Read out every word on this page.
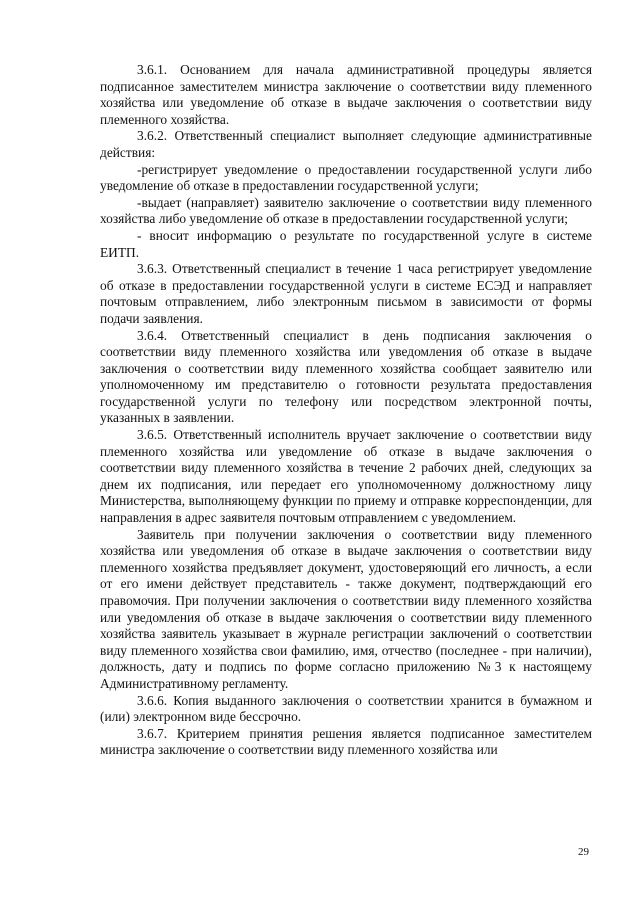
3.6.1. Основанием для начала административной процедуры является подписанное заместителем министра заключение о соответствии виду племенного хозяйства или уведомление об отказе в выдаче заключения о соответствии виду племенного хозяйства.

3.6.2. Ответственный специалист выполняет следующие административные действия:

-регистрирует уведомление о предоставлении государственной услуги либо уведомление об отказе в предоставлении государственной услуги;

-выдает (направляет) заявителю заключение о соответствии виду племенного хозяйства либо уведомление об отказе в предоставлении государственной услуги;

- вносит информацию о результате по государственной услуге в системе ЕИТП.

3.6.3. Ответственный специалист в течение 1 часа регистрирует уведомление об отказе в предоставлении государственной услуги в системе ЕСЭД и направляет почтовым отправлением, либо электронным письмом в зависимости от формы подачи заявления.

3.6.4. Ответственный специалист в день подписания заключения о соответствии виду племенного хозяйства или уведомления об отказе в выдаче заключения о соответствии виду племенного хозяйства сообщает заявителю или уполномоченному им представителю о готовности результата предоставления государственной услуги по телефону или посредством электронной почты, указанных в заявлении.

3.6.5. Ответственный исполнитель вручает заключение о соответствии виду племенного хозяйства или уведомление об отказе в выдаче заключения о соответствии виду племенного хозяйства в течение 2 рабочих дней, следующих за днем их подписания, или передает его уполномоченному должностному лицу Министерства, выполняющему функции по приему и отправке корреспонденции, для направления в адрес заявителя почтовым отправлением с уведомлением.

Заявитель при получении заключения о соответствии виду племенного хозяйства или уведомления об отказе в выдаче заключения о соответствии виду племенного хозяйства предъявляет документ, удостоверяющий его личность, а если от его имени действует представитель - также документ, подтверждающий его правомочия. При получении заключения о соответствии виду племенного хозяйства или уведомления об отказе в выдаче заключения о соответствии виду племенного хозяйства заявитель указывает в журнале регистрации заключений о соответствии виду племенного хозяйства свои фамилию, имя, отчество (последнее - при наличии), должность, дату и подпись по форме согласно приложению №3 к настоящему Административному регламенту.

3.6.6. Копия выданного заключения о соответствии хранится в бумажном и (или) электронном виде бессрочно.

3.6.7. Критерием принятия решения является подписанное заместителем министра заключение о соответствии виду племенного хозяйства или

29
